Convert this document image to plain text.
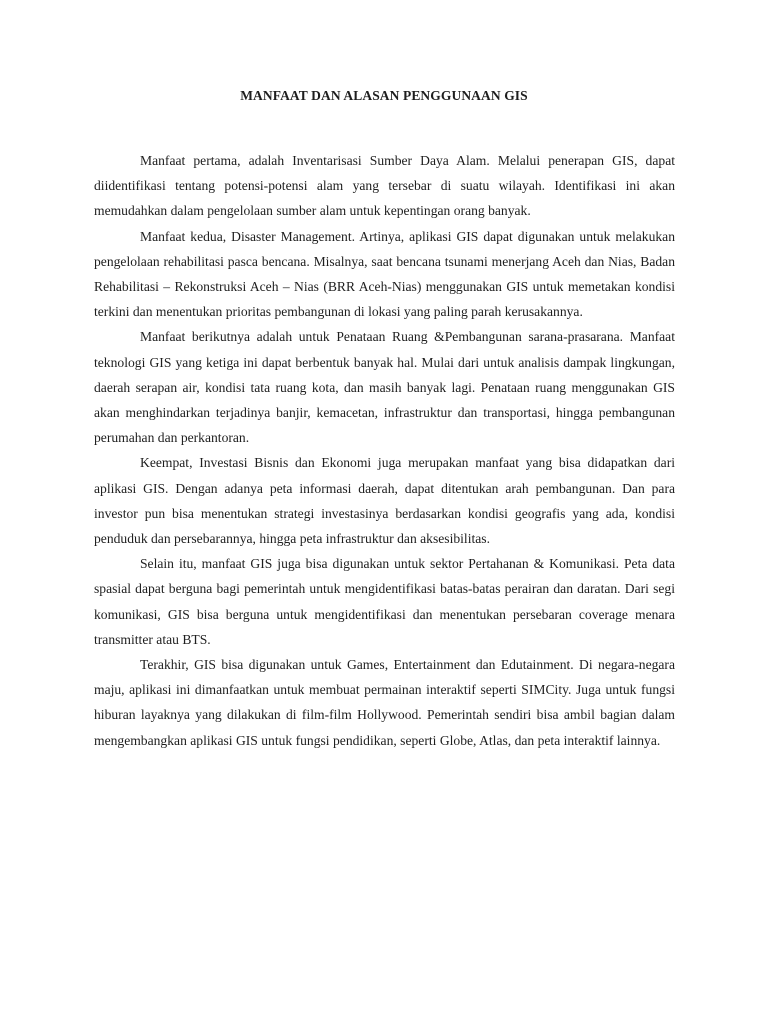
MANFAAT DAN ALASAN PENGGUNAAN GIS

Manfaat pertama, adalah Inventarisasi Sumber Daya Alam. Melalui penerapan GIS, dapat diidentifikasi tentang potensi-potensi alam yang tersebar di suatu wilayah. Identifikasi ini akan memudahkan dalam pengelolaan sumber alam untuk kepentingan orang banyak.

Manfaat kedua, Disaster Management. Artinya, aplikasi GIS dapat digunakan untuk melakukan pengelolaan rehabilitasi pasca bencana. Misalnya, saat bencana tsunami menerjang Aceh dan Nias, Badan Rehabilitasi – Rekonstruksi Aceh – Nias (BRR Aceh-Nias) menggunakan GIS untuk memetakan kondisi terkini dan menentukan prioritas pembangunan di lokasi yang paling parah kerusakannya.

Manfaat berikutnya adalah untuk Penataan Ruang &Pembangunan sarana-prasarana. Manfaat teknologi GIS yang ketiga ini dapat berbentuk banyak hal. Mulai dari untuk analisis dampak lingkungan, daerah serapan air, kondisi tata ruang kota, dan masih banyak lagi. Penataan ruang menggunakan GIS akan menghindarkan terjadinya banjir, kemacetan, infrastruktur dan transportasi, hingga pembangunan perumahan dan perkantoran.

Keempat, Investasi Bisnis dan Ekonomi juga merupakan manfaat yang bisa didapatkan dari aplikasi GIS. Dengan adanya peta informasi daerah, dapat ditentukan arah pembangunan. Dan para investor pun bisa menentukan strategi investasinya berdasarkan kondisi geografis yang ada, kondisi penduduk dan persebarannya, hingga peta infrastruktur dan aksesibilitas.

Selain itu, manfaat GIS juga bisa digunakan untuk sektor Pertahanan & Komunikasi. Peta data spasial dapat berguna bagi pemerintah untuk mengidentifikasi batas-batas perairan dan daratan. Dari segi komunikasi, GIS bisa berguna untuk mengidentifikasi dan menentukan persebaran coverage menara transmitter atau BTS.

Terakhir, GIS bisa digunakan untuk Games, Entertainment dan Edutainment. Di negara-negara maju, aplikasi ini dimanfaatkan untuk membuat permainan interaktif seperti SIMCity. Juga untuk fungsi hiburan layaknya yang dilakukan di film-film Hollywood. Pemerintah sendiri bisa ambil bagian dalam mengembangkan aplikasi GIS untuk fungsi pendidikan, seperti Globe, Atlas, dan peta interaktif lainnya.
